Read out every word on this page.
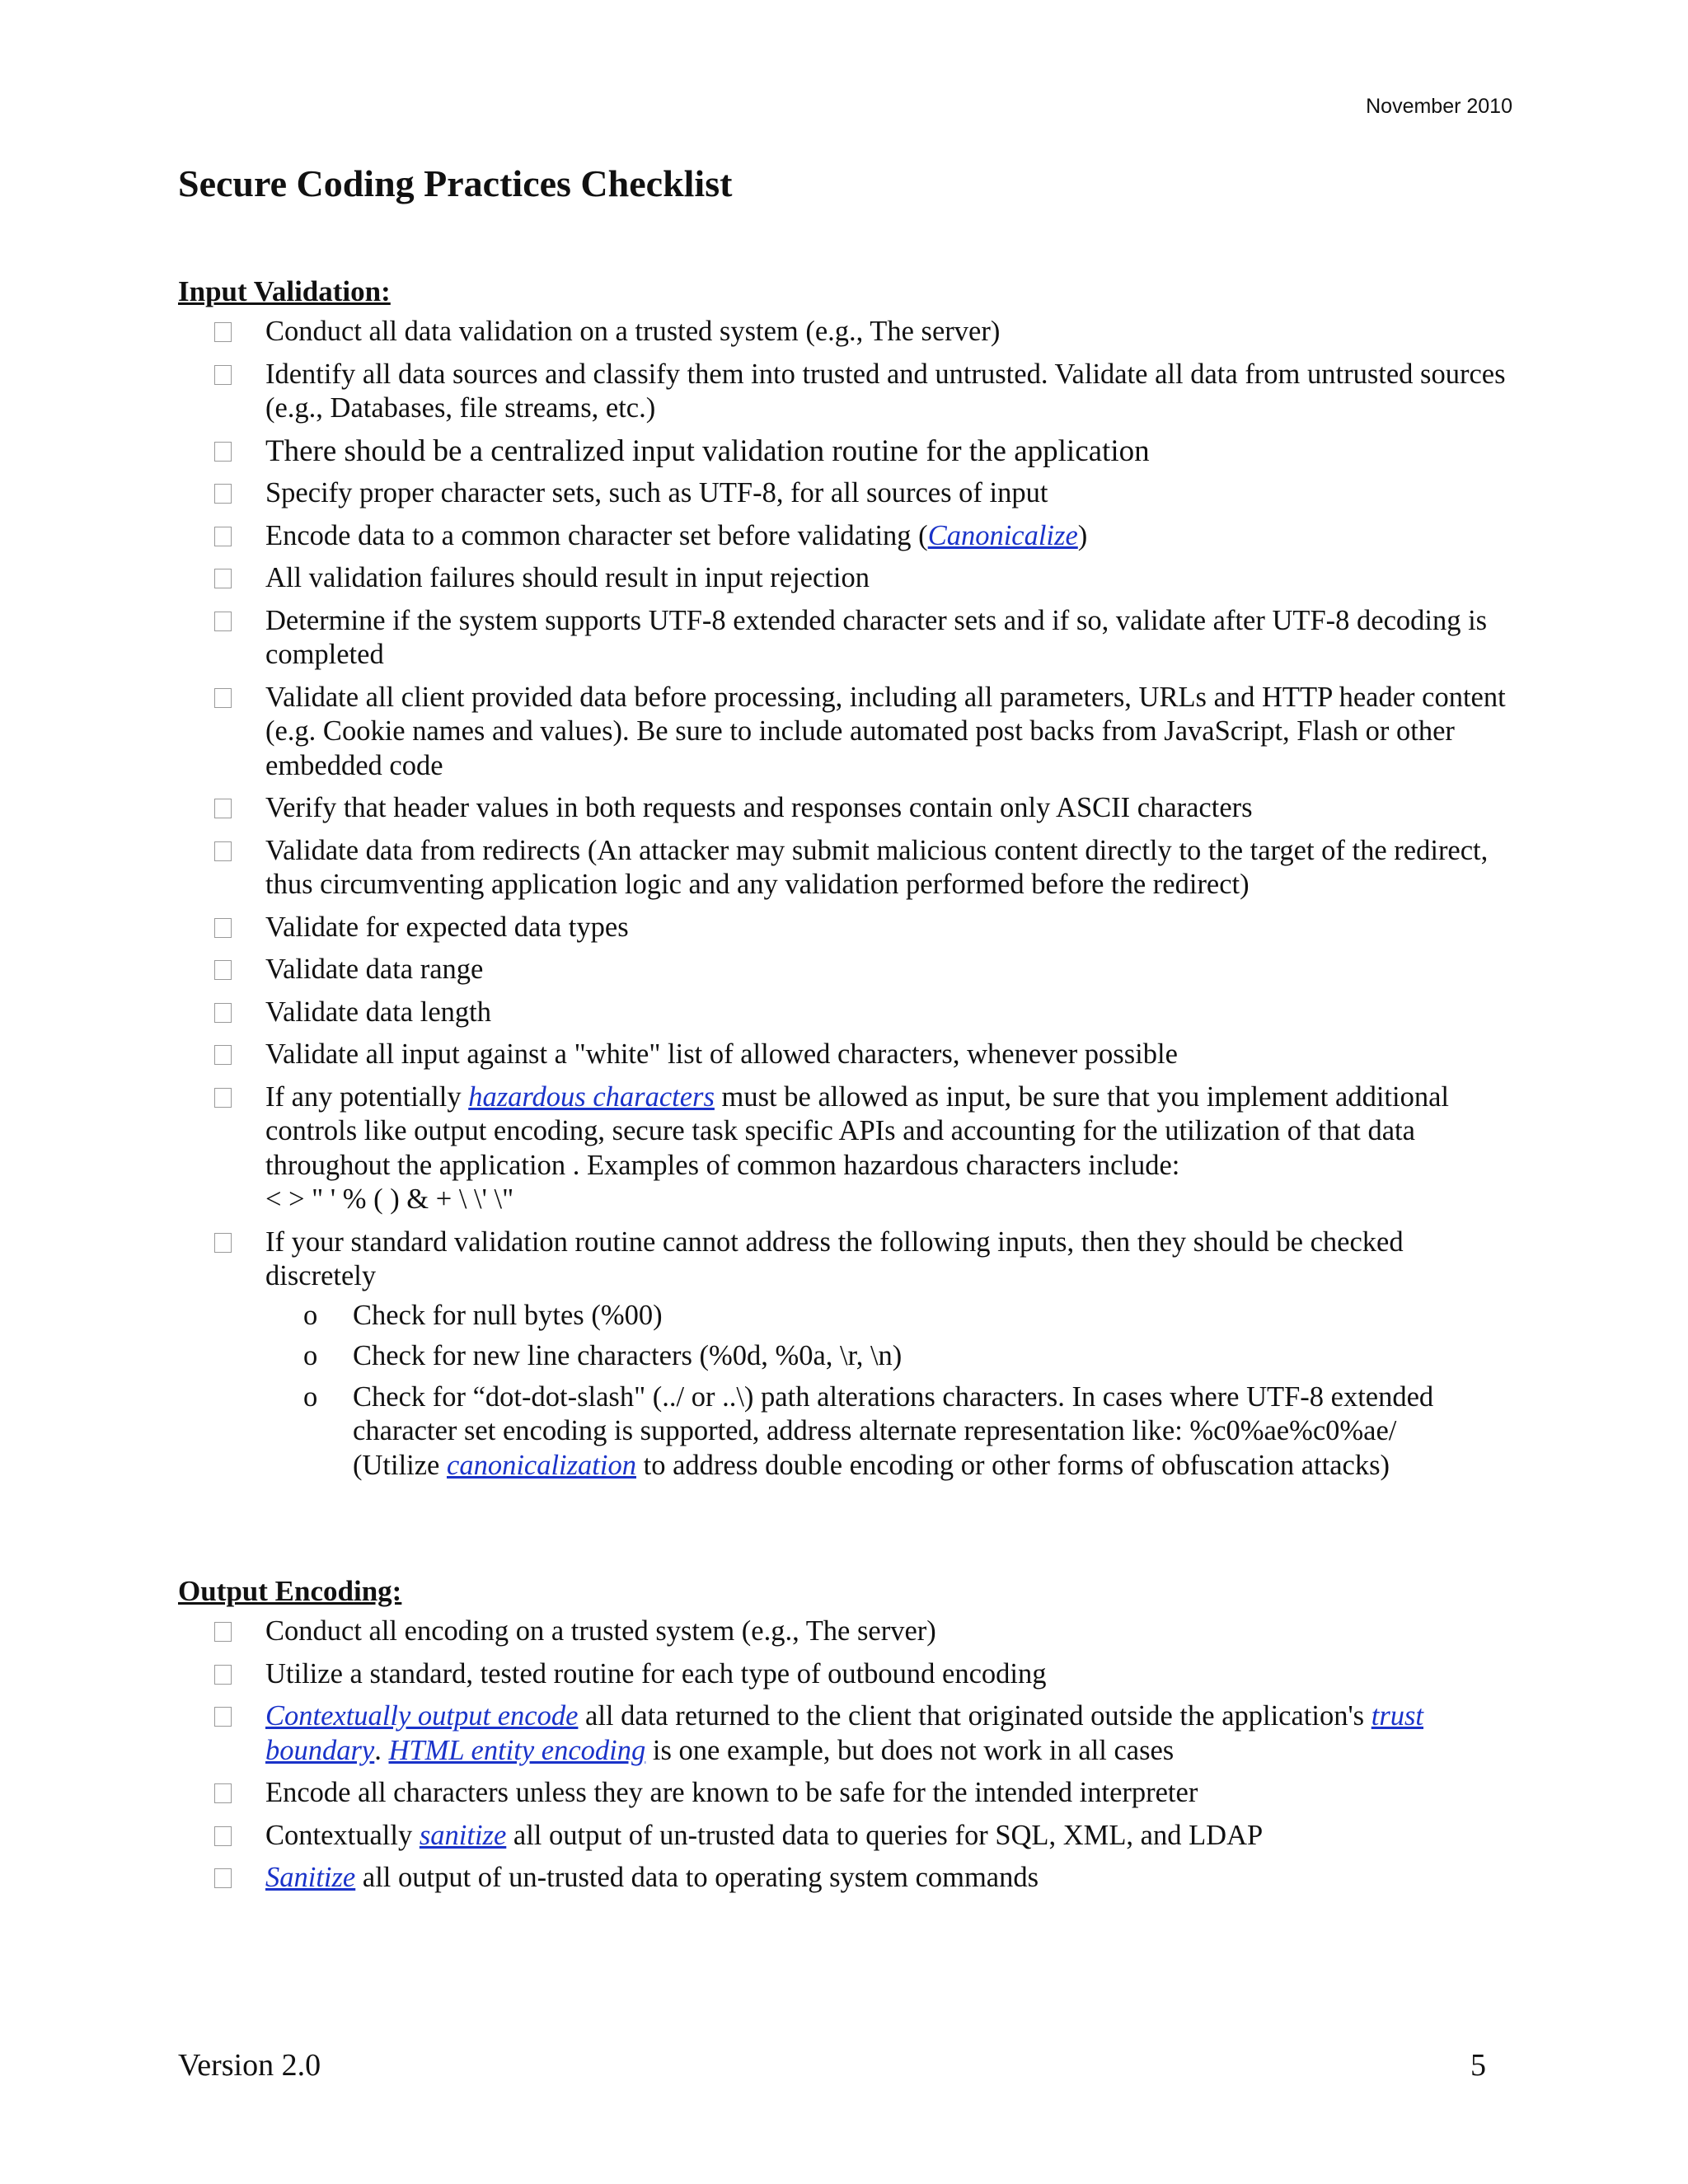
November 2010
Secure Coding Practices Checklist
Input Validation:
Conduct all data validation on a trusted system (e.g., The server)
Identify all data sources and classify them into trusted and untrusted. Validate all data from untrusted sources (e.g., Databases, file streams, etc.)
There should be a centralized input validation routine for the application
Specify proper character sets, such as UTF-8, for all sources of input
Encode data to a common character set before validating (Canonicalize)
All validation failures should result in input rejection
Determine if the system supports UTF-8 extended character sets and if so, validate after UTF-8 decoding is completed
Validate all client provided data before processing, including all parameters, URLs and HTTP header content (e.g. Cookie names and values). Be sure to include automated post backs from JavaScript, Flash or other embedded code
Verify that header values in both requests and responses contain only ASCII characters
Validate data from redirects (An attacker may submit malicious content directly to the target of the redirect, thus circumventing application logic and any validation performed before the redirect)
Validate for expected data types
Validate data range
Validate data length
Validate all input against a "white" list of allowed characters, whenever possible
If any potentially hazardous characters must be allowed as input, be sure that you implement additional controls like output encoding, secure task specific APIs and accounting for the utilization of that data throughout the application . Examples of common hazardous characters include:
< > " ' % ( ) & + \ \' \"
If your standard validation routine cannot address the following inputs, then they should be checked discretely
o	Check for null bytes (%00)
o	Check for new line characters (%0d, %0a, \r, \n)
o	Check for “dot-dot-slash" (../ or ..\) path alterations characters. In cases where UTF-8 extended character set encoding is supported, address alternate representation like: %c0%ae%c0%ae/
(Utilize canonicalization to address double encoding or other forms of obfuscation attacks)
Output Encoding:
Conduct all encoding on a trusted system (e.g., The server)
Utilize a standard, tested routine for each type of outbound encoding
Contextually output encode all data returned to the client that originated outside the application's trust boundary. HTML entity encoding is one example, but does not work in all cases
Encode all characters unless they are known to be safe for the intended interpreter
Contextually sanitize all output of un-trusted data to queries for SQL, XML, and LDAP
Sanitize all output of un-trusted data to operating system commands
Version 2.0	5
